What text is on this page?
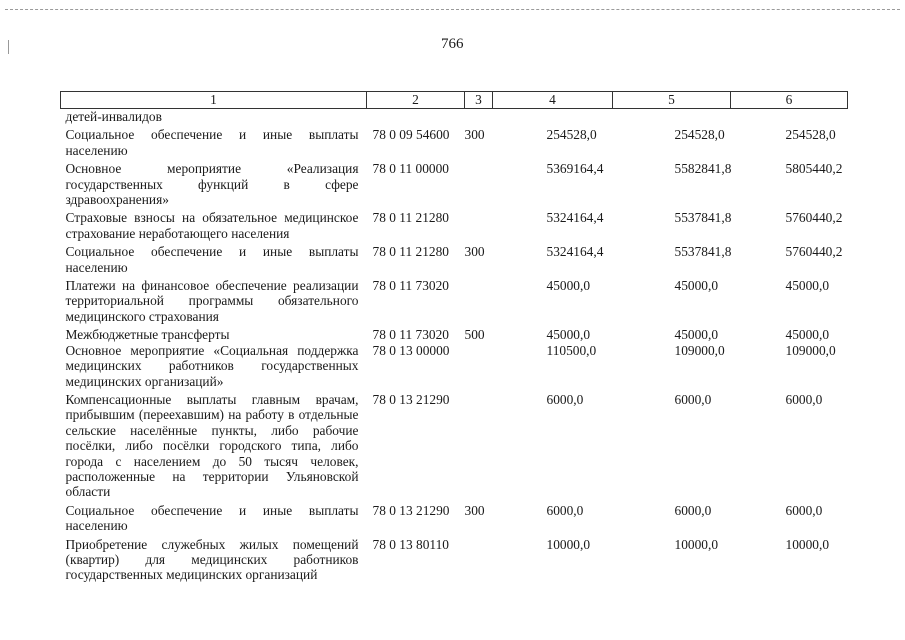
766
1	2	3	4	5	6
детей-инвалидов					
Социальное обеспечение и иные выплаты населению	78 0 09 54600	300	254528,0	254528,0	254528,0
Основное мероприятие «Реализация государственных функций в сфере здравоохранения»	78 0 11 00000		5369164,4	5582841,8	5805440,2
Страховые взносы на обязательное медицинское страхование неработающего населения	78 0 11 21280		5324164,4	5537841,8	5760440,2
Социальное обеспечение и иные выплаты населению	78 0 11 21280	300	5324164,4	5537841,8	5760440,2
Платежи на финансовое обеспечение реализации территориальной программы обязательного медицинского страхования	78 0 11 73020		45000,0	45000,0	45000,0
Межбюджетные трансферты	78 0 11 73020	500	45000,0	45000,0	45000,0
Основное мероприятие «Социальная поддержка медицинских работников государственных медицинских организаций»	78 0 13 00000		110500,0	109000,0	109000,0
Компенсационные выплаты главным врачам, прибывшим (переехавшим) на работу в отдельные сельские населённые пункты, либо рабочие посёлки, либо посёлки городского типа, либо города с населением до 50 тысяч человек, расположенные на территории Ульяновской области	78 0 13 21290		6000,0	6000,0	6000,0
Социальное обеспечение и иные выплаты населению	78 0 13 21290	300	6000,0	6000,0	6000,0
Приобретение служебных жилых помещений (квартир) для медицинских работников государственных медицинских организаций	78 0 13 80110		10000,0	10000,0	10000,0
